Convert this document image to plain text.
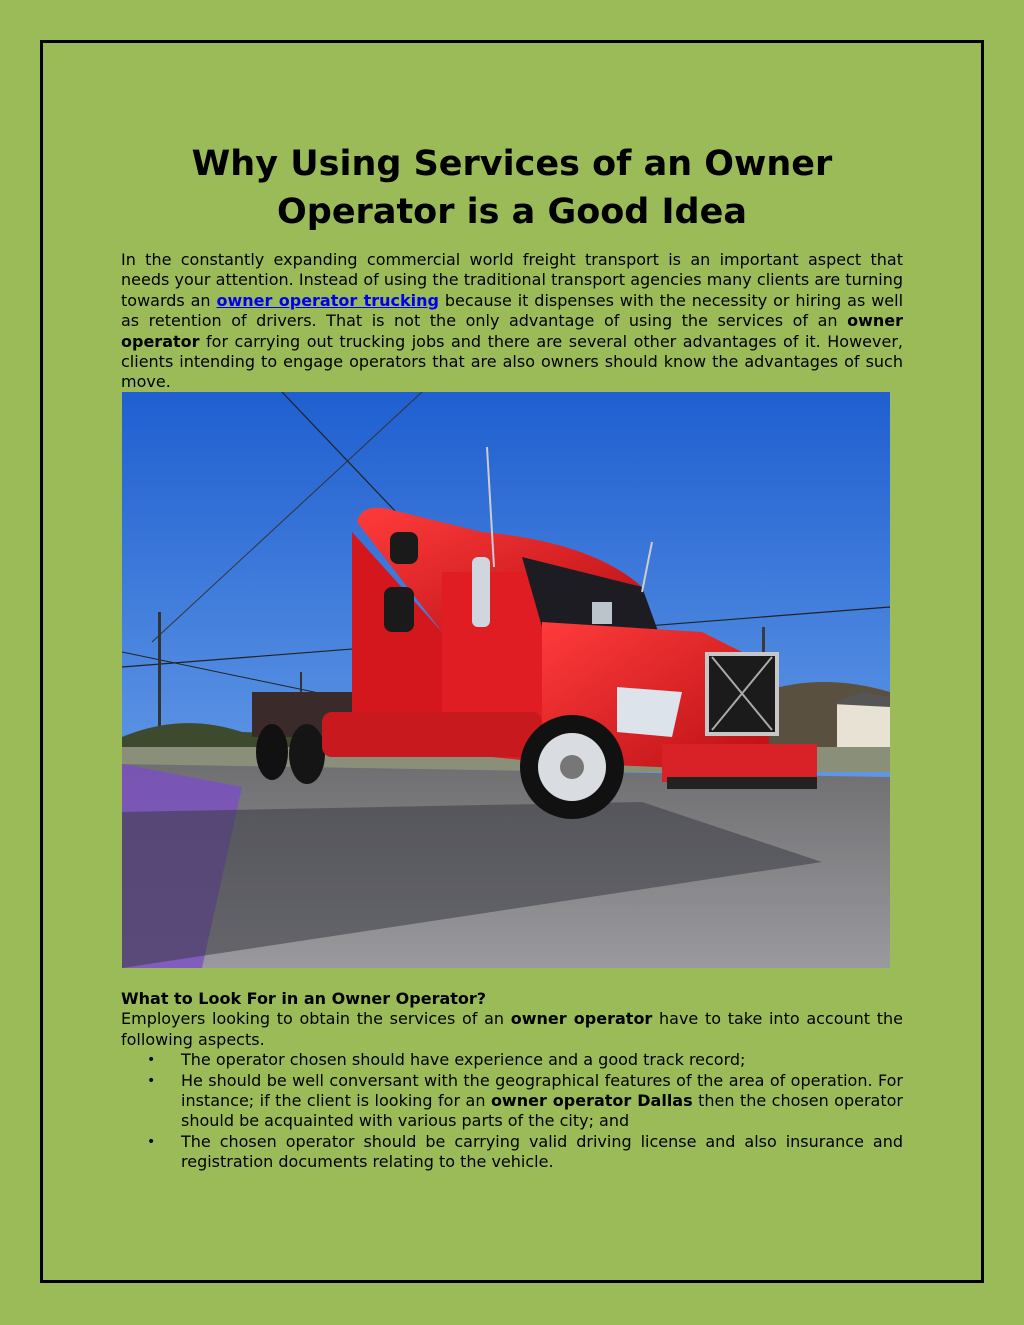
Why Using Services of an Owner Operator is a Good Idea

In the constantly expanding commercial world freight transport is an important aspect that needs your attention. Instead of using the traditional transport agencies many clients are turning towards an owner operator trucking because it dispenses with the necessity or hiring as well as retention of drivers. That is not the only advantage of using the services of an owner operator for carrying out trucking jobs and there are several other advantages of it. However, clients intending to engage operators that are also owners should know the advantages of such move.

What to Look For in an Owner Operator?

Employers looking to obtain the services of an owner operator have to take into account the following aspects.

• The operator chosen should have experience and a good track record;
• He should be well conversant with the geographical features of the area of operation. For instance; if the client is looking for an owner operator Dallas then the chosen operator should be acquainted with various parts of the city; and
• The chosen operator should be carrying valid driving license and also insurance and registration documents relating to the vehicle.
